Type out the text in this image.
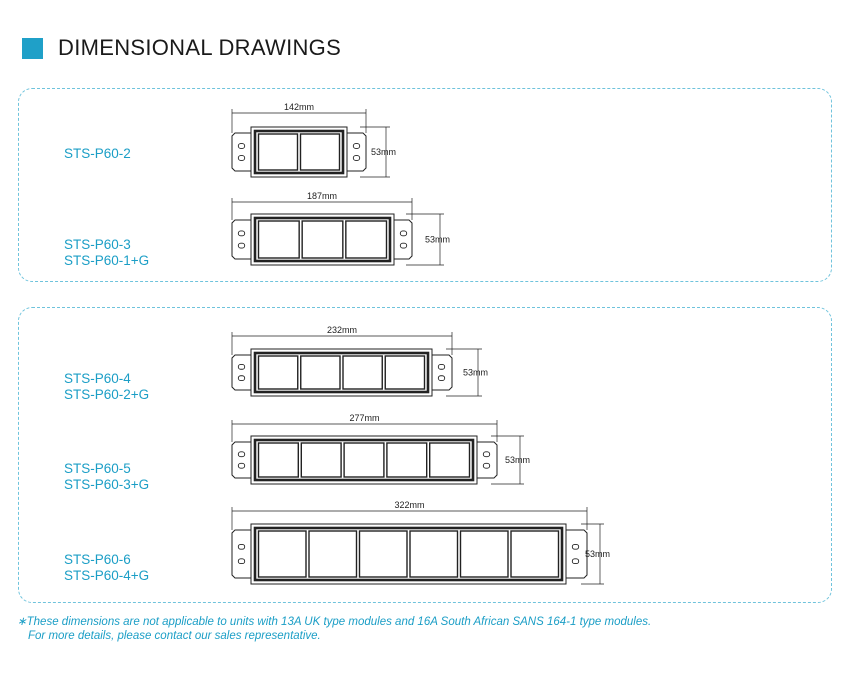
DIMENSIONAL DRAWINGS
STS-P60-2
STS-P60-3
STS-P60-1+G
STS-P60-4
STS-P60-2+G
STS-P60-5
STS-P60-3+G
STS-P60-6
STS-P60-4+G
142mm
53mm
187mm
53mm
232mm
53mm
277mm
53mm
322mm
53mm
∗These dimensions are not applicable to units with 13A UK type modules and 16A South African SANS 164-1 type modules.
For more details, please contact our sales representative.
